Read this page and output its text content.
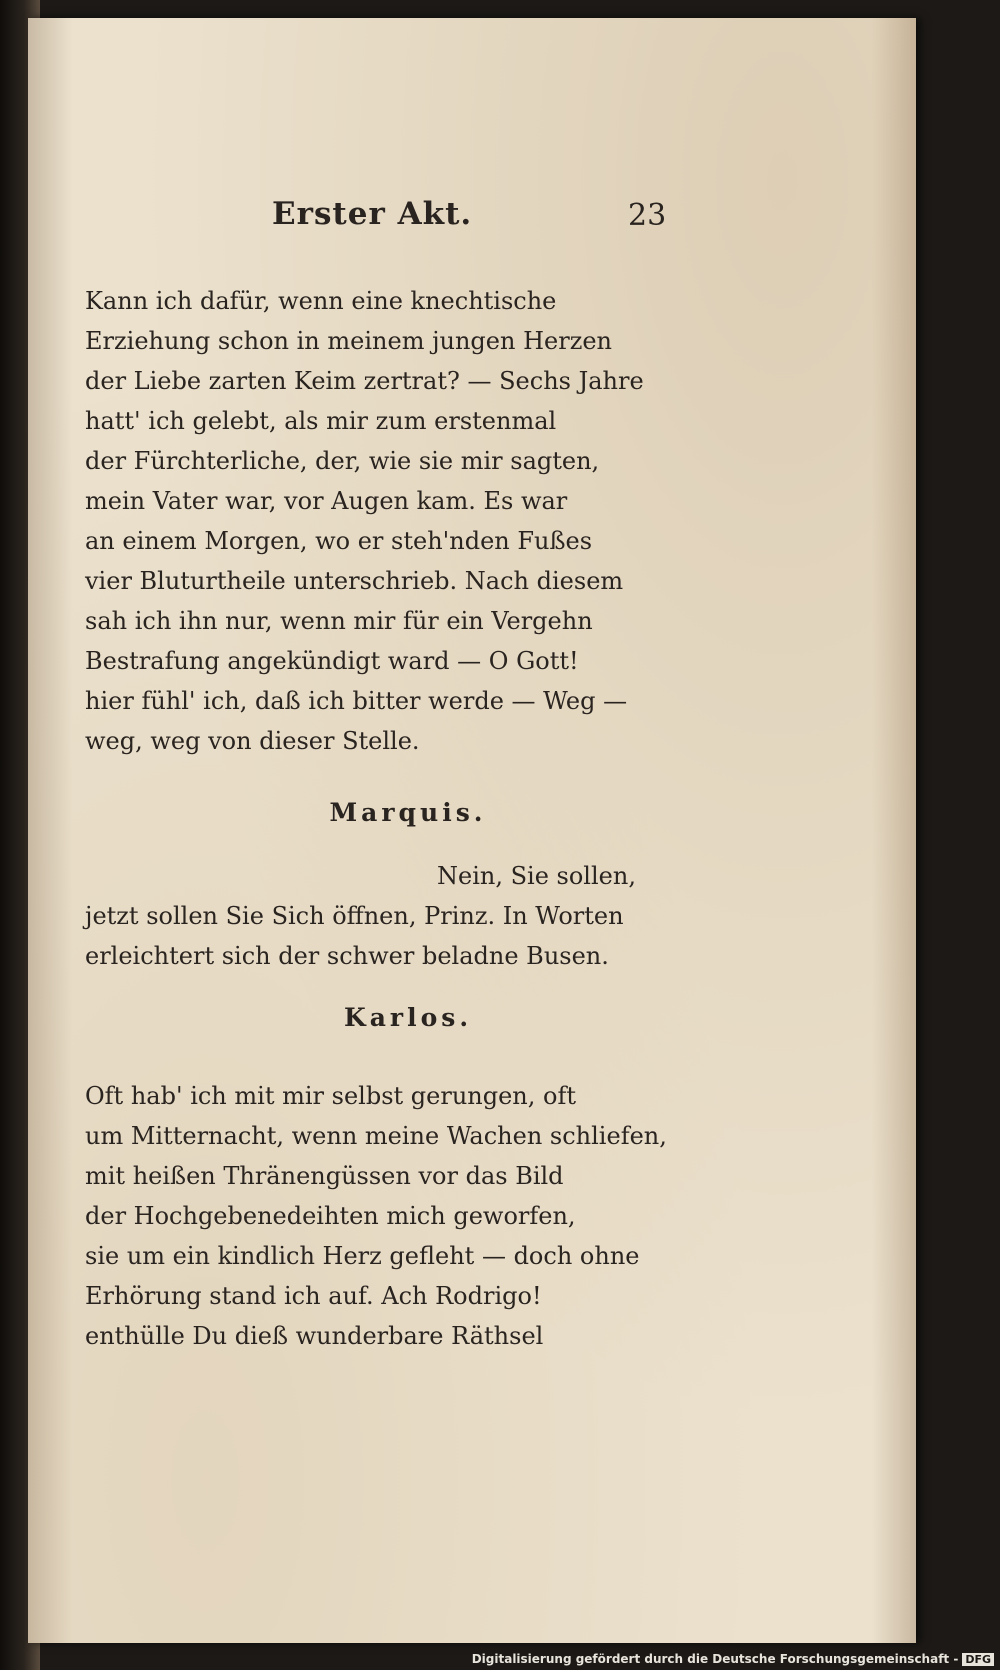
Erster Akt.	23
Kann ich dafür, wenn eine knechtische
Erziehung schon in meinem jungen Herzen
der Liebe zarten Keim zertrat? — Sechs Jahre
hatt' ich gelebt, als mir zum erstenmal
der Fürchterliche, der, wie sie mir sagten,
mein Vater war, vor Augen kam. Es war
an einem Morgen, wo er steh'nden Fußes
vier Bluturtheile unterschrieb. Nach diesem
sah ich ihn nur, wenn mir für ein Vergehn
Bestrafung angekündigt ward — O Gott!
hier fühl' ich, daß ich bitter werde — Weg —
weg, weg von dieser Stelle.
Marquis.
Nein, Sie sollen,
jetzt sollen Sie Sich öffnen, Prinz. In Worten
erleichtert sich der schwer beladne Busen.
Karlos.
Oft hab' ich mit mir selbst gerungen, oft
um Mitternacht, wenn meine Wachen schliefen,
mit heißen Thränengüssen vor das Bild
der Hochgebenedeihten mich geworfen,
sie um ein kindlich Herz gefleht — doch ohne
Erhörung stand ich auf. Ach Rodrigo!
enthülle Du dieß wunderbare Räthsel
Digitalisierung gefördert durch die Deutsche Forschungsgemeinschaft - DFG
